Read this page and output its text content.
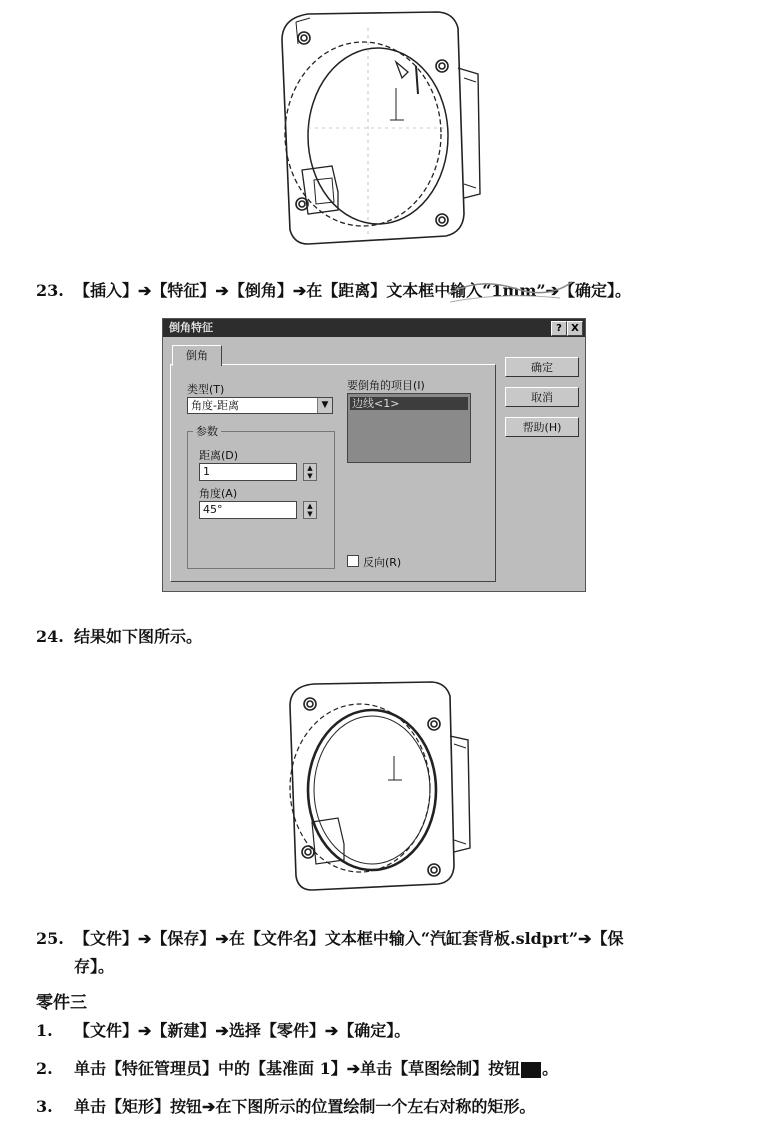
23. 【插入】➔【特征】➔【倒角】➔在【距离】文本框中输入“1mm”➔【确定】。
倒角特征	? X
倒角
类型(T)
角度-距离	▼
参数
距离(D)
1	▲
▼
角度(A)
45°	▲
▼
要倒角的项目(I)
边线<1>
反向(R)
确定
取消
帮助(H)
24. 结果如下图所示。
25. 【文件】➔【保存】➔在【文件名】文本框中输入“汽缸套背板.sldprt”➔【保
存】。
零件三
1. 【文件】➔【新建】➔选择【零件】➔【确定】。
2. 单击【特征管理员】中的【基准面 1】➔单击【草图绘制】按钮 。
3. 单击【矩形】按钮➔在下图所示的位置绘制一个左右对称的矩形。
